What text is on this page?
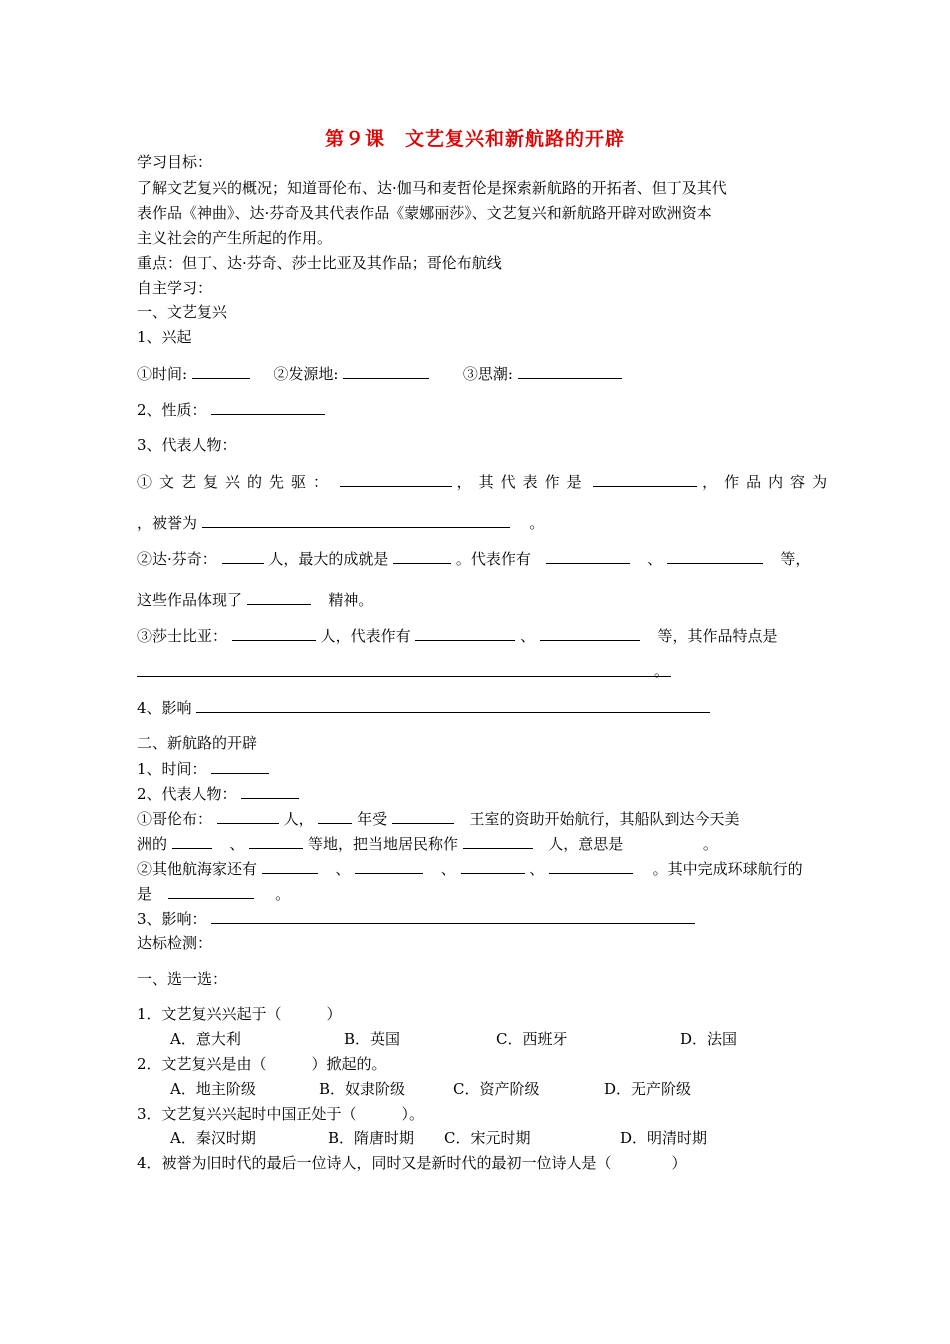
第９课　文艺复兴和新航路的开辟
学习目标：
了解文艺复兴的概况；知道哥伦布、达·伽马和麦哲伦是探索新航路的开拓者、但丁及其代
表作品《神曲》、达·芬奇及其代表作品《蒙娜丽莎》、文艺复兴和新航路开辟对欧洲资本
主义社会的产生所起的作用。
重点：但丁、达·芬奇、莎士比亚及其作品；哥伦布航线
自主学习：
一、文艺复兴
1、兴起
①时间:	②发源地:	③思潮:
2、性质：
3、代表人物：
①文艺复兴的先驱：	，其代表作是	，作品内容为
，被誉为	。
②达·芬奇：	人，最大的成就是	。代表作有	、	等，
这些作品体现了	精神。
③莎士比亚：	人，代表作有	、	等，其作品特点是
。
4、影响
二、新航路的开辟
1、时间：
2、代表人物：
①哥伦布：	人，	年受	王室的资助开始航行，其船队到达今天美
洲的	、	等地，把当地居民称作	人，意思是	。
②其他航海家还有	、	、	、	。其中完成环球航行的
是	。
3、影响：
达标检测：
一、选一选：
1．文艺复兴兴起于（　　　）
A．意大利	B．英国	C．西班牙	D．法国
2．文艺复兴是由（　　　）掀起的。
A．地主阶级	B．奴隶阶级	C．资产阶级	D．无产阶级
3．文艺复兴兴起时中国正处于（　　　）。
A．秦汉时期	B．隋唐时期 C．宋元时期	D．明清时期
4．被誉为旧时代的最后一位诗人，同时又是新时代的最初一位诗人是（　　　　）
